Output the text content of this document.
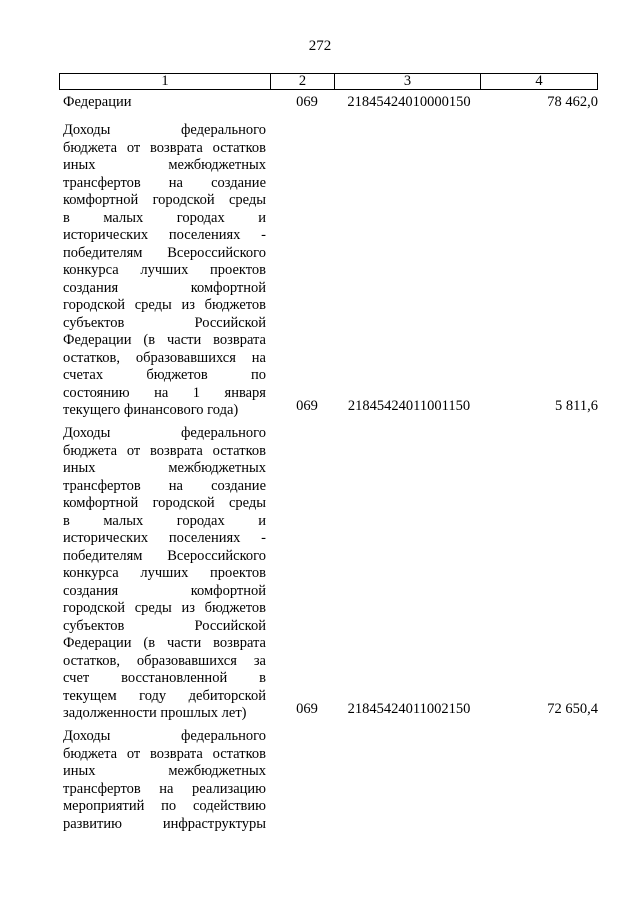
272
1	2	3	4
Федерации	069	21845424010000150	78 462,0
Доходы	федерального
бюджета от возврата остатков
иных	межбюджетных
трансфертов на создание
комфортной городской среды
в малых городах и
исторических поселениях -
победителям Всероссийского
конкурса лучших проектов
создания	комфортной
городской среды из бюджетов
субъектов	Российской
Федерации (в части возврата
остатков, образовавшихся на
счетах	бюджетов	по
состоянию на 1 января
текущего финансового года)	069	21845424011001150	5 811,6
Доходы	федерального
бюджета от возврата остатков
иных	межбюджетных
трансфертов на создание
комфортной городской среды
в малых городах и
исторических поселениях -
победителям Всероссийского
конкурса лучших проектов
создания	комфортной
городской среды из бюджетов
субъектов	Российской
Федерации (в части возврата
остатков, образовавшихся за
счет восстановленной в
текущем году дебиторской
задолженности прошлых лет)	069	21845424011002150	72 650,4
Доходы	федерального
бюджета от возврата остатков
иных	межбюджетных
трансфертов на реализацию
мероприятий по содействию
развитию	инфраструктуры
